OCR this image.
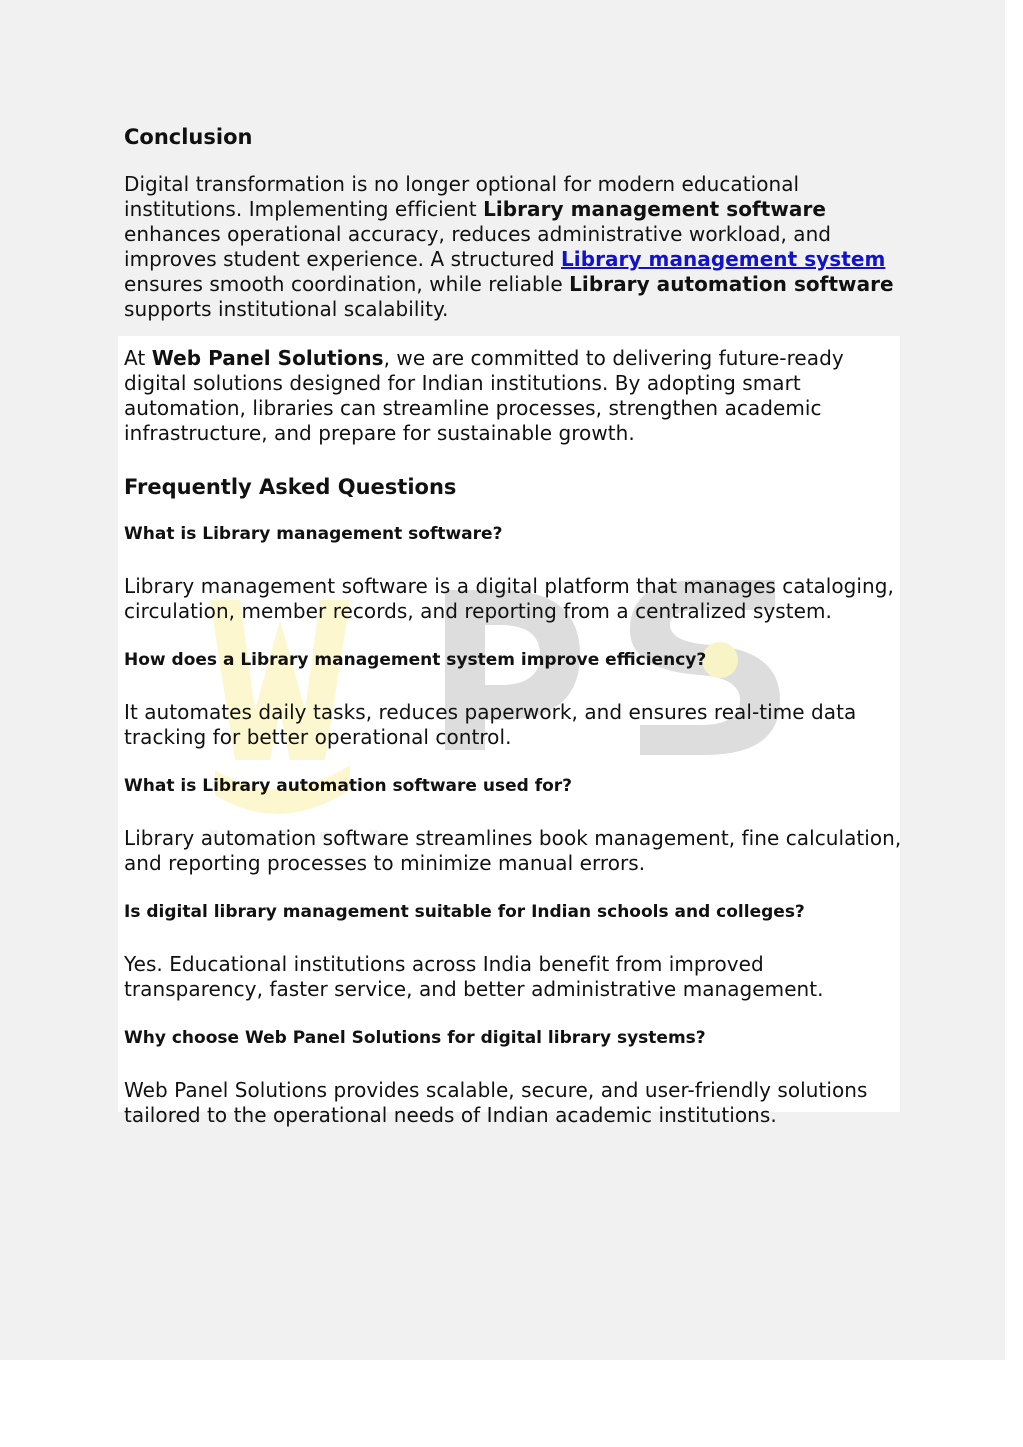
Conclusion

Digital transformation is no longer optional for modern educational institutions. Implementing efficient Library management software enhances operational accuracy, reduces administrative workload, and improves student experience. A structured Library management system ensures smooth coordination, while reliable Library automation software supports institutional scalability.

At Web Panel Solutions, we are committed to delivering future-ready digital solutions designed for Indian institutions. By adopting smart automation, libraries can streamline processes, strengthen academic infrastructure, and prepare for sustainable growth.

Frequently Asked Questions
What is Library management software?

Library management software is a digital platform that manages cataloging, circulation, member records, and reporting from a centralized system.

How does a Library management system improve efficiency?

It automates daily tasks, reduces paperwork, and ensures real-time data tracking for better operational control.

What is Library automation software used for?

Library automation software streamlines book management, fine calculation, and reporting processes to minimize manual errors.

Is digital library management suitable for Indian schools and colleges?

Yes. Educational institutions across India benefit from improved transparency, faster service, and better administrative management.

Why choose Web Panel Solutions for digital library systems?

Web Panel Solutions provides scalable, secure, and user-friendly solutions tailored to the operational needs of Indian academic institutions.
